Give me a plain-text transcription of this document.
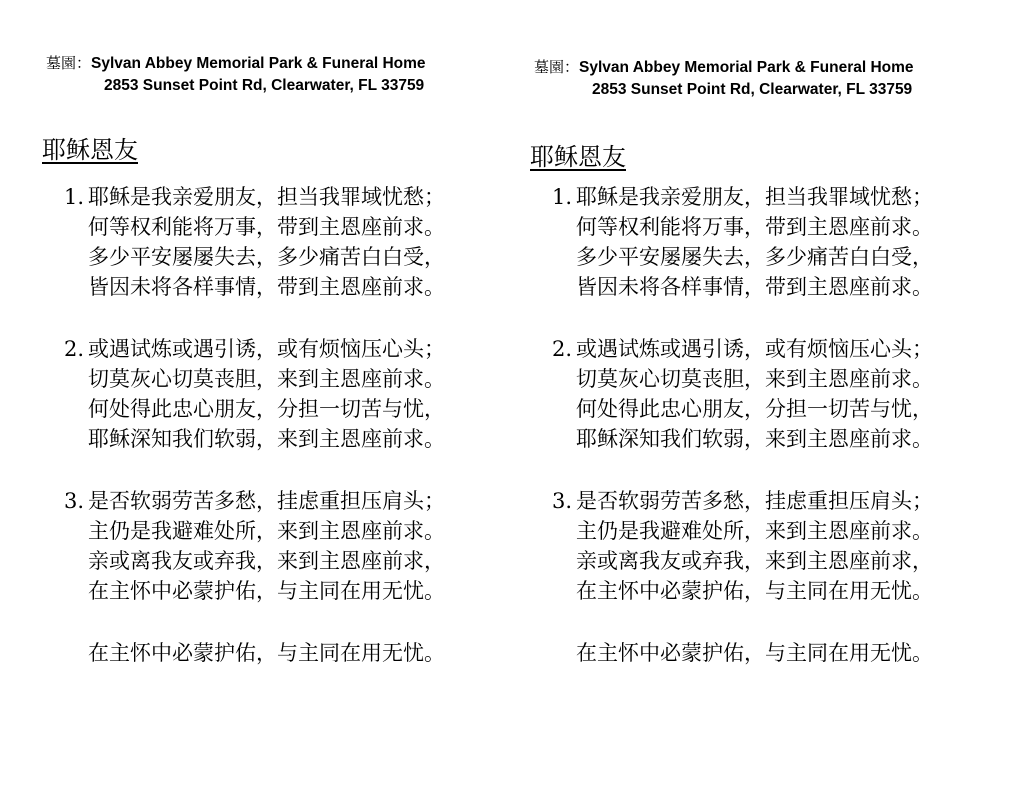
墓園：Sylvan Abbey Memorial Park & Funeral Home
2853 Sunset Point Rd, Clearwater, FL 33759
耶稣恩友
1. 耶稣是我亲爱朋友，担当我罪域忧愁；
何等权利能将万事，带到主恩座前求。
多少平安屡屡失去，多少痛苦白白受，
皆因未将各样事情，带到主恩座前求。
2. 或遇试炼或遇引诱，或有烦恼压心头；
切莫灰心切莫丧胆，来到主恩座前求。
何处得此忠心朋友，分担一切苦与忧，
耶稣深知我们软弱，来到主恩座前求。
3. 是否软弱劳苦多愁，挂虑重担压肩头；
主仍是我避难处所，来到主恩座前求。
亲或离我友或弃我，来到主恩座前求，
在主怀中必蒙护佑，与主同在用无忧。
在主怀中必蒙护佑，与主同在用无忧。
墓園：Sylvan Abbey Memorial Park & Funeral Home
2853 Sunset Point Rd, Clearwater, FL 33759
耶稣恩友
1. 耶稣是我亲爱朋友，担当我罪域忧愁；
何等权利能将万事，带到主恩座前求。
多少平安屡屡失去，多少痛苦白白受，
皆因未将各样事情，带到主恩座前求。
2. 或遇试炼或遇引诱，或有烦恼压心头；
切莫灰心切莫丧胆，来到主恩座前求。
何处得此忠心朋友，分担一切苦与忧，
耶稣深知我们软弱，来到主恩座前求。
3. 是否软弱劳苦多愁，挂虑重担压肩头；
主仍是我避难处所，来到主恩座前求。
亲或离我友或弃我，来到主恩座前求，
在主怀中必蒙护佑，与主同在用无忧。
在主怀中必蒙护佑，与主同在用无忧。
